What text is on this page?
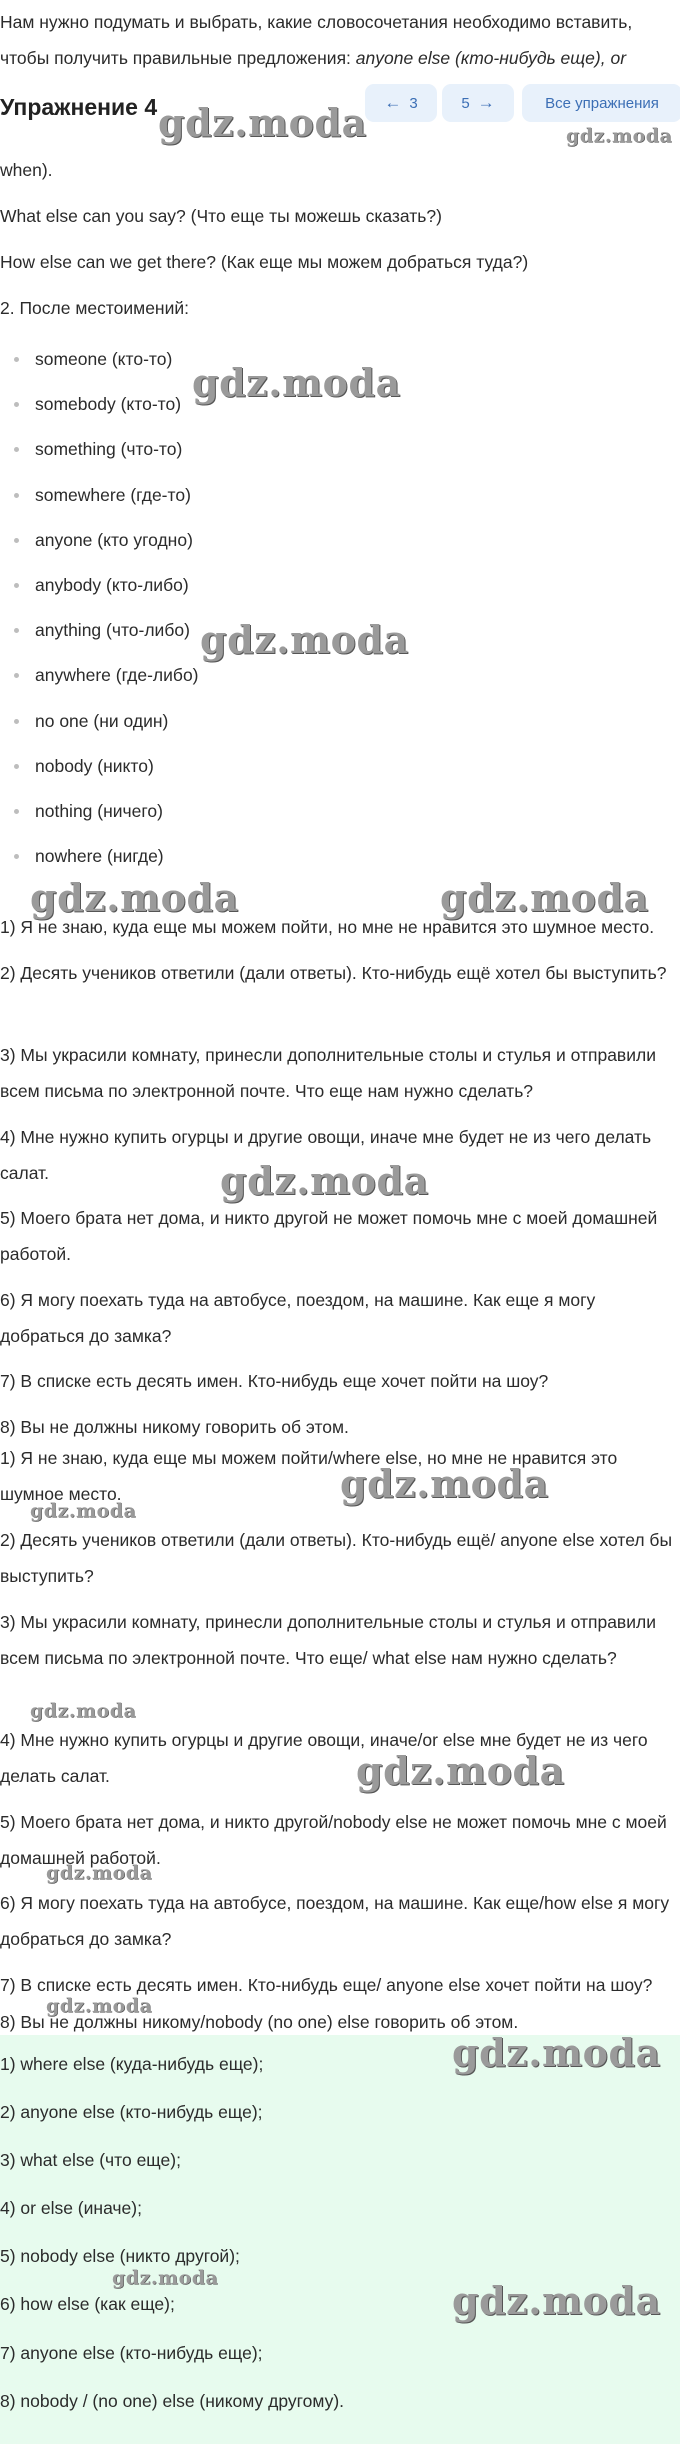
Нам нужно подумать и выбрать, какие словосочетания необходимо вставить, чтобы получить правильные предложения: anyone else (кто-нибудь еще), or
Упражнение 4	← 3	5 →	Все упражнения
when).
What else can you say? (Что еще ты можешь сказать?)
How else can we get there? (Как еще мы можем добраться туда?)
2. После местоимений:
someone (кто-то)
somebody (кто-то)
something (что-то)
somewhere (где-то)
anyone (кто угодно)
anybody (кто-либо)
anything (что-либо)
anywhere (где-либо)
no one (ни один)
nobody (никто)
nothing (ничего)
nowhere (нигде)
1) Я не знаю, куда еще мы можем пойти, но мне не нравится это шумное место.
2) Десять учеников ответили (дали ответы). Кто-нибудь ещё хотел бы выступить?
3) Мы украсили комнату, принесли дополнительные столы и стулья и отправили всем письма по электронной почте. Что еще нам нужно сделать?
4) Мне нужно купить огурцы и другие овощи, иначе мне будет не из чего делать салат.
5) Моего брата нет дома, и никто другой не может помочь мне с моей домашней работой.
6) Я могу поехать туда на автобусе, поездом, на машине. Как еще я могу добраться до замка?
7) В списке есть десять имен. Кто-нибудь еще хочет пойти на шоу?
8) Вы не должны никому говорить об этом.
1) Я не знаю, куда еще мы можем пойти/where else, но мне не нравится это шумное место.
2) Десять учеников ответили (дали ответы). Кто-нибудь ещё/ anyone else хотел бы выступить?
3) Мы украсили комнату, принесли дополнительные столы и стулья и отправили всем письма по электронной почте. Что еще/ what else нам нужно сделать?
4) Мне нужно купить огурцы и другие овощи, иначе/or else мне будет не из чего делать салат.
5) Моего брата нет дома, и никто другой/nobody else не может помочь мне с моей домашней работой.
6) Я могу поехать туда на автобусе, поездом, на машине. Как еще/how else я могу добраться до замка?
7) В списке есть десять имен. Кто-нибудь еще/ anyone else хочет пойти на шоу?
8) Вы не должны никому/nobody (no one) else говорить об этом.
1) where else (куда-нибудь еще);
2) anyone else (кто-нибудь еще);
3) what else (что еще);
4) or else (иначе);
5) nobody else (никто другой);
6) how else (как еще);
7) anyone else (кто-нибудь еще);
8) nobody / (no one) else (никому другому).
gdz.moda	gdz.moda
gdz.moda
gdz.moda
gdz.moda	gdz.moda
gdz.moda
gdz.moda
gdz.moda
gdz.moda
gdz.moda
gdz.moda
gdz.moda
gdz.moda
gdz.moda	gdz.moda
